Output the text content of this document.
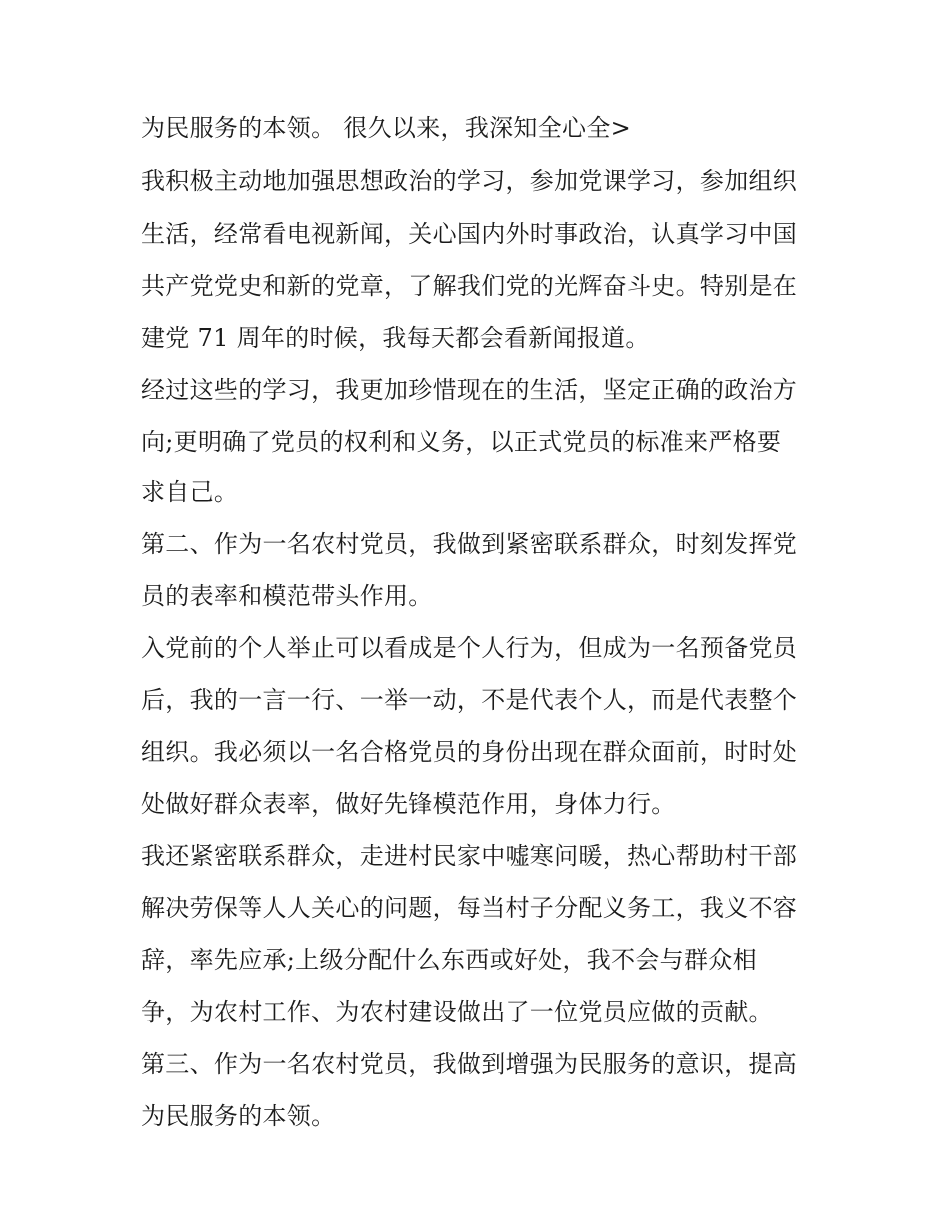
为民服务的本领。 很久以来，我深知全心全>
我积极主动地加强思想政治的学习，参加党课学习，参加组织
生活，经常看电视新闻，关心国内外时事政治，认真学习中国
共产党党史和新的党章，了解我们党的光辉奋斗史。特别是在
建党 71 周年的时候，我每天都会看新闻报道。
经过这些的学习，我更加珍惜现在的生活，坚定正确的政治方
向;更明确了党员的权利和义务，以正式党员的标准来严格要
求自己。
第二、作为一名农村党员，我做到紧密联系群众，时刻发挥党
员的表率和模范带头作用。
入党前的个人举止可以看成是个人行为，但成为一名预备党员
后，我的一言一行、一举一动，不是代表个人，而是代表整个
组织。我必须以一名合格党员的身份出现在群众面前，时时处
处做好群众表率，做好先锋模范作用，身体力行。
我还紧密联系群众，走进村民家中嘘寒问暖，热心帮助村干部
解决劳保等人人关心的问题，每当村子分配义务工，我义不容
辞，率先应承;上级分配什么东西或好处，我不会与群众相
争，为农村工作、为农村建设做出了一位党员应做的贡献。
第三、作为一名农村党员，我做到增强为民服务的意识，提高
为民服务的本领。
